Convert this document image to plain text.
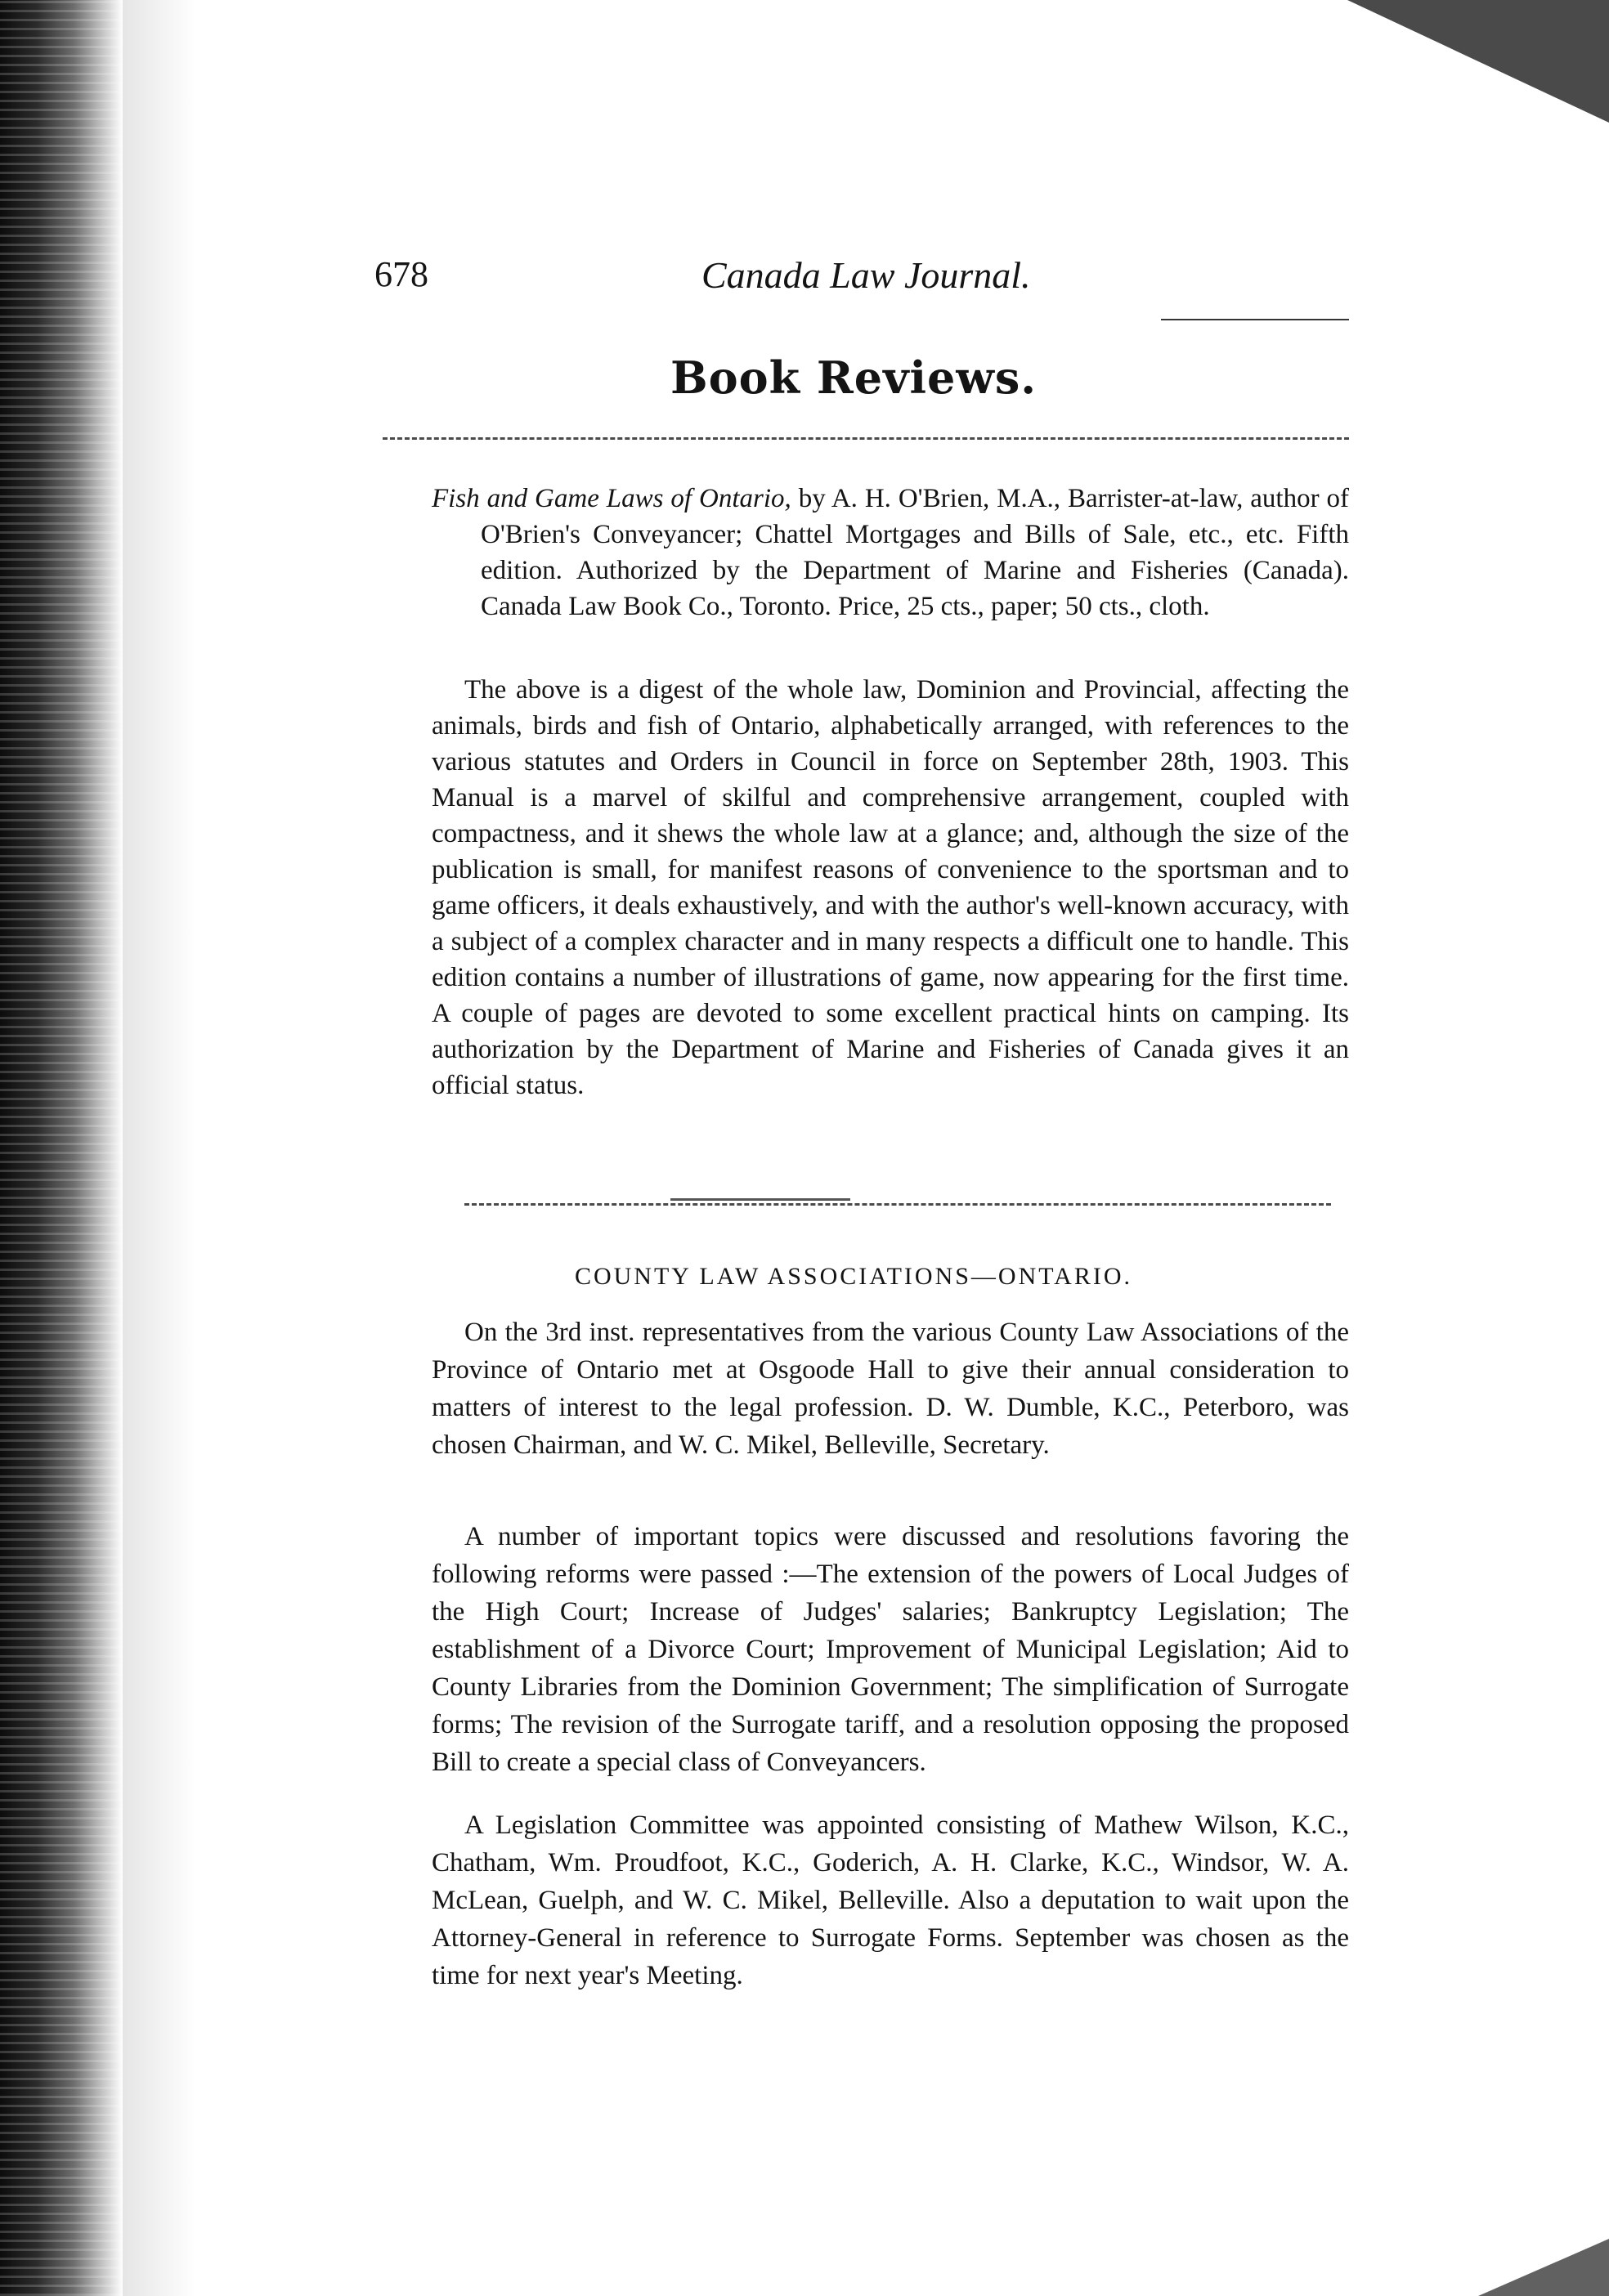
678	Canada Law Journal.
Book Reviews.
Fish and Game Laws of Ontario, by A. H. O'Brien, M.A., Barrister-at-law, author of O'Brien's Conveyancer; Chattel Mortgages and Bills of Sale, etc., etc. Fifth edition. Authorized by the Department of Marine and Fisheries (Canada). Canada Law Book Co., Toronto. Price, 25 cts., paper; 50 cts., cloth.
The above is a digest of the whole law, Dominion and Provincial, affecting the animals, birds and fish of Ontario, alphabetically arranged, with references to the various statutes and Orders in Council in force on September 28th, 1903. This Manual is a marvel of skilful and comprehensive arrangement, coupled with compactness, and it shews the whole law at a glance; and, although the size of the publication is small, for manifest reasons of convenience to the sportsman and to game officers, it deals exhaustively, and with the author's well-known accuracy, with a subject of a complex character and in many respects a difficult one to handle. This edition contains a number of illustrations of game, now appearing for the first time. A couple of pages are devoted to some excellent practical hints on camping. Its authorization by the Department of Marine and Fisheries of Canada gives it an official status.
COUNTY LAW ASSOCIATIONS—ONTARIO.
On the 3rd inst. representatives from the various County Law Associations of the Province of Ontario met at Osgoode Hall to give their annual consideration to matters of interest to the legal profession. D. W. Dumble, K.C., Peterboro, was chosen Chairman, and W. C. Mikel, Belleville, Secretary.
A number of important topics were discussed and resolutions favoring the following reforms were passed :—The extension of the powers of Local Judges of the High Court; Increase of Judges' salaries; Bankruptcy Legislation; The establishment of a Divorce Court; Improvement of Municipal Legislation; Aid to County Libraries from the Dominion Government; The simplification of Surrogate forms; The revision of the Surrogate tariff, and a resolution opposing the proposed Bill to create a special class of Conveyancers.
A Legislation Committee was appointed consisting of Mathew Wilson, K.C., Chatham, Wm. Proudfoot, K.C., Goderich, A. H. Clarke, K.C., Windsor, W. A. McLean, Guelph, and W. C. Mikel, Belleville. Also a deputation to wait upon the Attorney-General in reference to Surrogate Forms. September was chosen as the time for next year's Meeting.
